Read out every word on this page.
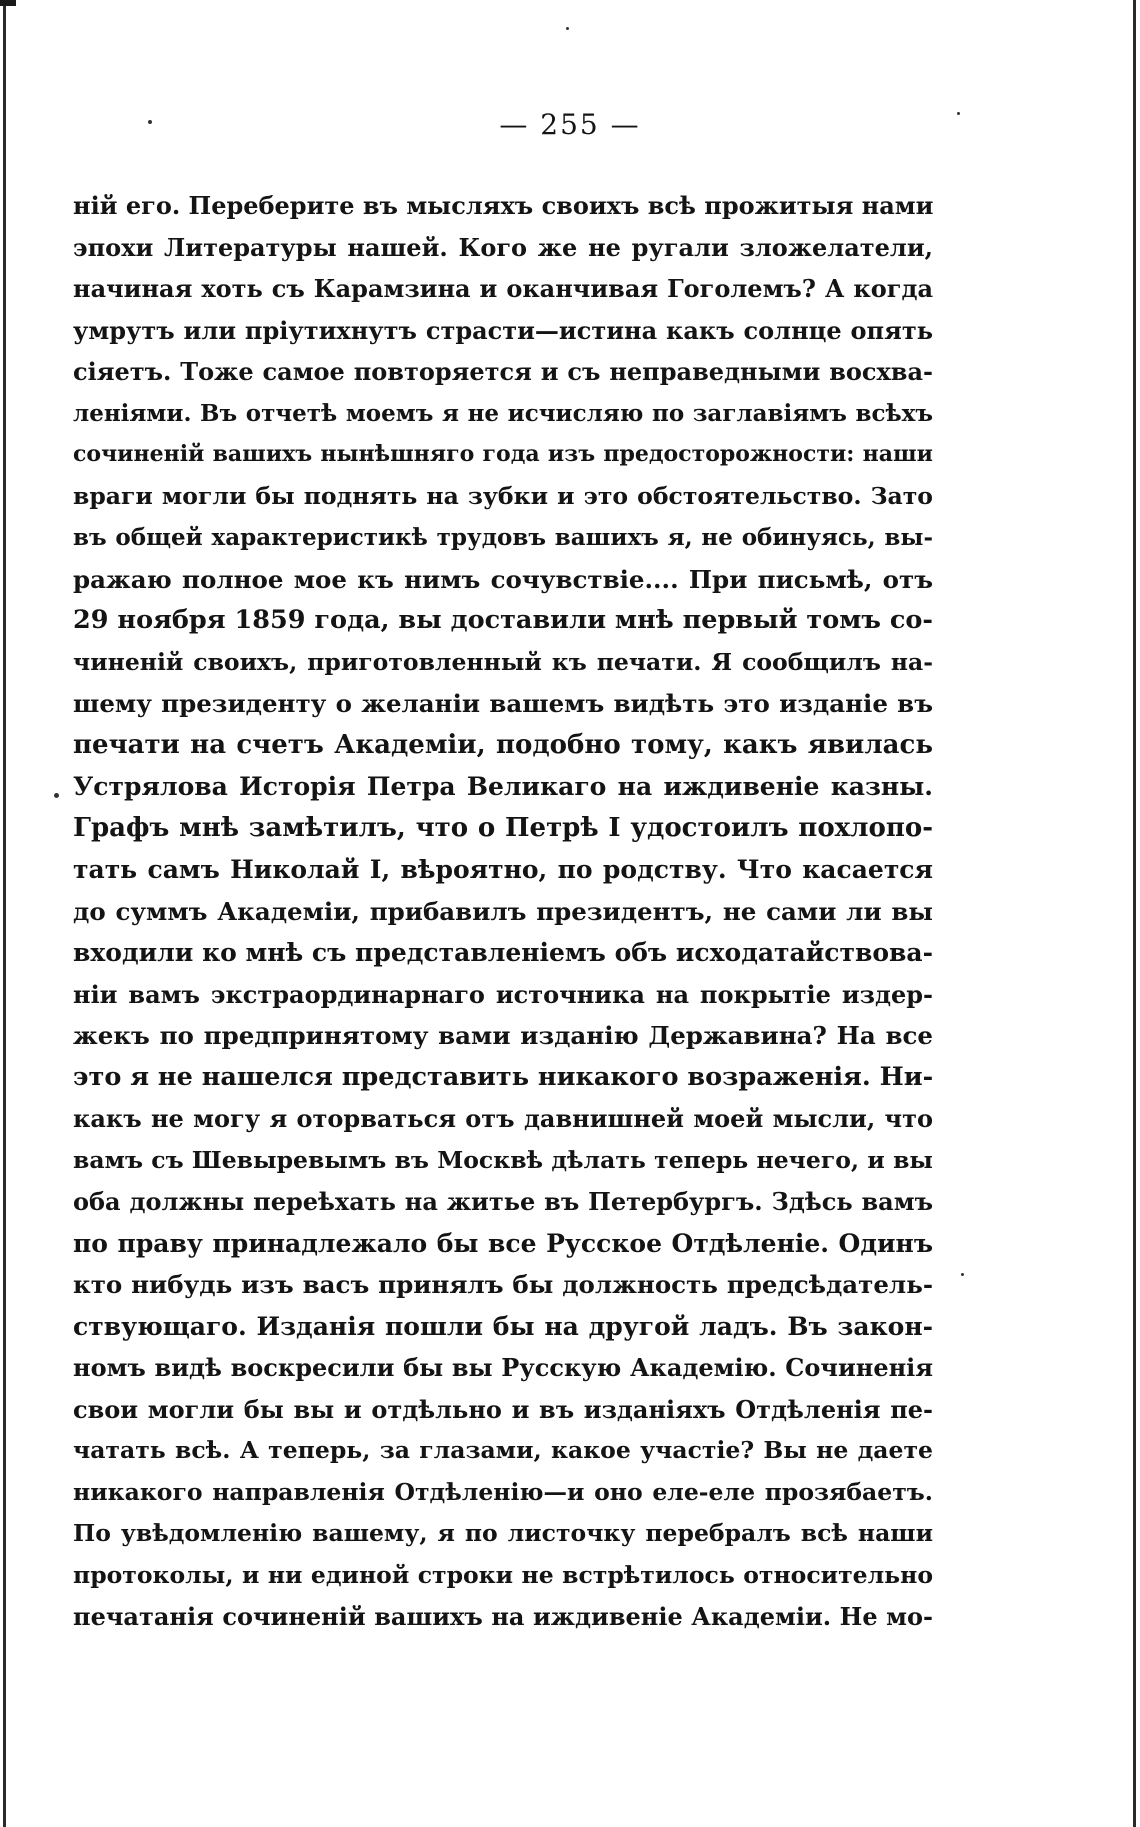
— 255 —
ній его. Переберите въ мысляхъ своихъ всѣ прожитыя нами
эпохи Литературы нашей. Кого же не ругали зложелатели,
начиная хоть съ Карамзина и оканчивая Гоголемъ? А когда
умрутъ или пріутихнутъ страсти—истина какъ солнце опять
сіяетъ. Тоже самое повторяется и съ неправедными восхва-
леніями. Въ отчетѣ моемъ я не исчисляю по заглавіямъ всѣхъ
сочиненій вашихъ нынѣшняго года изъ предосторожности: наши
враги могли бы поднять на зубки и это обстоятельство. Зато
въ общей характеристикѣ трудовъ вашихъ я, не обинуясь, вы-
ражаю полное мое къ нимъ сочувствіе.... При письмѣ, отъ
29 ноября 1859 года, вы доставили мнѣ первый томъ со-
чиненій своихъ, приготовленный къ печати. Я сообщилъ на-
шему президенту о желаніи вашемъ видѣть это изданіе въ
печати на счетъ Академіи, подобно тому, какъ явилась
Устрялова Исторія Петра Великаго на иждивеніе казны.
Графъ мнѣ замѣтилъ, что о Петрѣ I удостоилъ похлопо-
тать самъ Николай I, вѣроятно, по родству. Что касается
до суммъ Академіи, прибавилъ президентъ, не сами ли вы
входили ко мнѣ съ представленіемъ объ исходатайствова-
ніи вамъ экстраординарнаго источника на покрытіе издер-
жекъ по предпринятому вами изданію Державина? На все
это я не нашелся представить никакого возраженія. Ни-
какъ не могу я оторваться отъ давнишней моей мысли, что
вамъ съ Шевыревымъ въ Москвѣ дѣлать теперь нечего, и вы
оба должны переѣхать на житье въ Петербургъ. Здѣсь вамъ
по праву принадлежало бы все Русское Отдѣленіе. Одинъ
кто нибудь изъ васъ принялъ бы должность предсѣдатель-
ствующаго. Изданія пошли бы на другой ладъ. Въ закон-
номъ видѣ воскресили бы вы Русскую Академію. Сочиненія
свои могли бы вы и отдѣльно и въ изданіяхъ Отдѣленія пе-
чатать всѣ. А теперь, за глазами, какое участіе? Вы не даете
никакого направленія Отдѣленію—и оно еле-еле прозябаетъ.
По увѣдомленію вашему, я по листочку перебралъ всѣ наши
протоколы, и ни единой строки не встрѣтилось относительно
печатанія сочиненій вашихъ на иждивеніе Академіи. Не мо-
